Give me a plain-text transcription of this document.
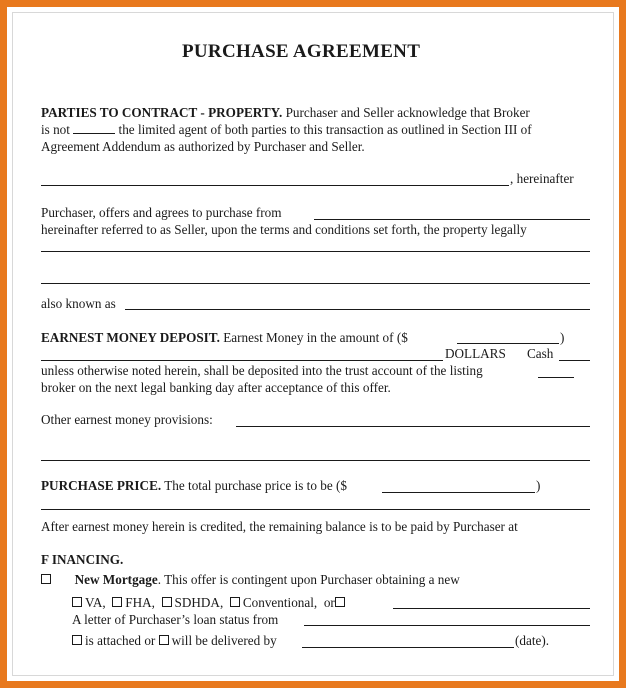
PURCHASE AGREEMENT
PARTIES TO CONTRACT - PROPERTY. Purchaser and Seller acknowledge that Broker
is not	the limited agent of both parties to this transaction as outlined in Section III of
Agreement Addendum as authorized by Purchaser and Seller.
, hereinafter
Purchaser, offers and agrees to purchase from
hereinafter referred to as Seller, upon the terms and conditions set forth, the property legally
also known as
EARNEST MONEY DEPOSIT. Earnest Money in the amount of ($	)
DOLLARS Cash
unless otherwise noted herein, shall be deposited into the trust account of the listing
broker on the next legal banking day after acceptance of this offer.
Other earnest money provisions:
PURCHASE PRICE. The total purchase price is to be ($	)
After earnest money herein is credited, the remaining balance is to be paid by Purchaser at
F INANCING.
New Mortgage. This offer is contingent upon Purchaser obtaining a new
VA, FHA, SDHDA, Conventional, or
A letter of Purchaser’s loan status from
is attached or will be delivered by	(date).
